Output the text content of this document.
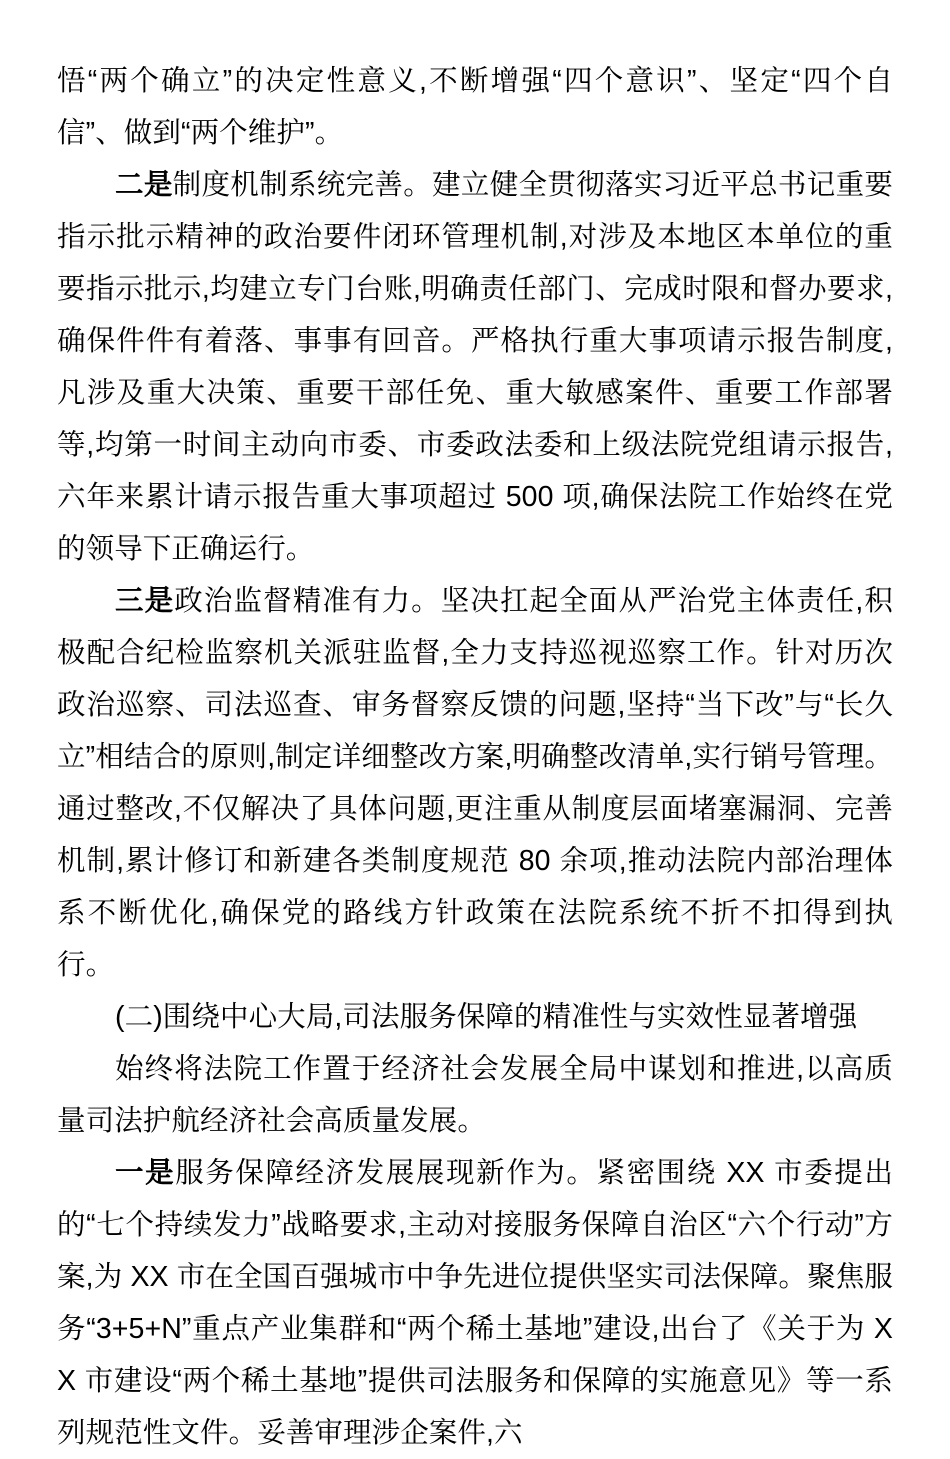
悟“两个确立”的决定性意义,不断增强“四个意识”、坚定“四个自信”、做到“两个维护”。

二是制度机制系统完善。建立健全贯彻落实习近平总书记重要指示批示精神的政治要件闭环管理机制,对涉及本地区本单位的重要指示批示,均建立专门台账,明确责任部门、完成时限和督办要求,确保件件有着落、事事有回音。严格执行重大事项请示报告制度,凡涉及重大决策、重要干部任免、重大敏感案件、重要工作部署等,均第一时间主动向市委、市委政法委和上级法院党组请示报告,六年来累计请示报告重大事项超过 500 项,确保法院工作始终在党的领导下正确运行。

三是政治监督精准有力。坚决扛起全面从严治党主体责任,积极配合纪检监察机关派驻监督,全力支持巡视巡察工作。针对历次政治巡察、司法巡查、审务督察反馈的问题,坚持“当下改”与“长久立”相结合的原则,制定详细整改方案,明确整改清单,实行销号管理。通过整改,不仅解决了具体问题,更注重从制度层面堵塞漏洞、完善机制,累计修订和新建各类制度规范 80 余项,推动法院内部治理体系不断优化,确保党的路线方针政策在法院系统不折不扣得到执行。

(二)围绕中心大局,司法服务保障的精准性与实效性显著增强

始终将法院工作置于经济社会发展全局中谋划和推进,以高质量司法护航经济社会高质量发展。

一是服务保障经济发展展现新作为。紧密围绕 XX 市委提出的“七个持续发力”战略要求,主动对接服务保障自治区“六个行动”方案,为 XX 市在全国百强城市中争先进位提供坚实司法保障。聚焦服务“3+5+N”重点产业集群和“两个稀土基地”建设,出台了《关于为 XX 市建设“两个稀土基地”提供司法服务和保障的实施意见》等一系列规范性文件。妥善审理涉企案件,六
